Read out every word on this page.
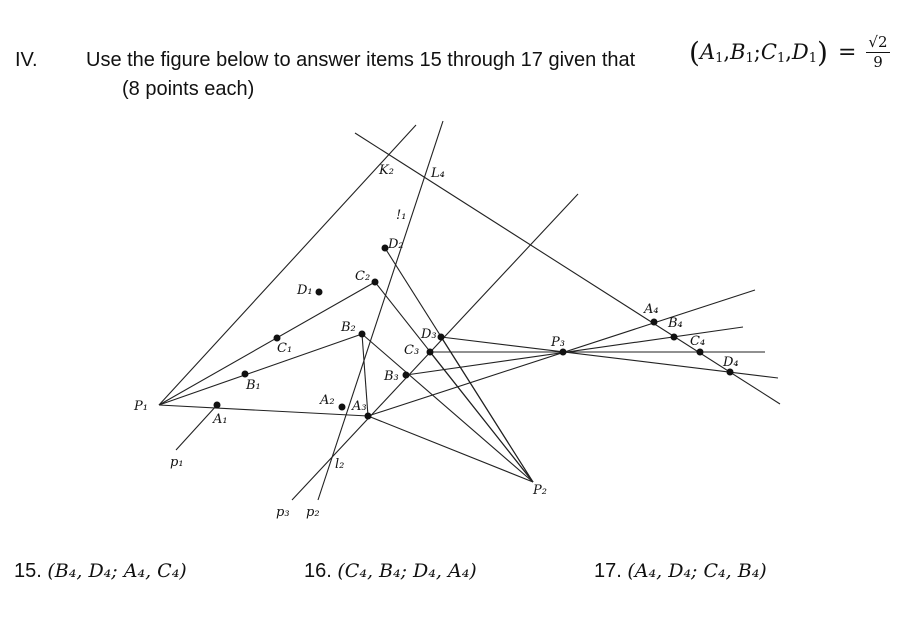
IV. Use the figure below to answer items 15 through 17 given that
(8 points each)
( A 1 , B 1 ; C 1 , D 1 ) = $\frac{√2}{9}$
P₁
P₂
P₃
p₁
p₂
p₃
A₁
B₁
C₁
D₁
A₂
B₂
C₂
D₂
A₃
B₃
C₃
D₃
A₄
B₄
C₄
D₄
K₂	L₄
!₁
l₂
15. (B₄, D₄; A₄, C₄)	16. (C₄, B₄; D₄, A₄)	17. (A₄, D₄; C₄, B₄)
